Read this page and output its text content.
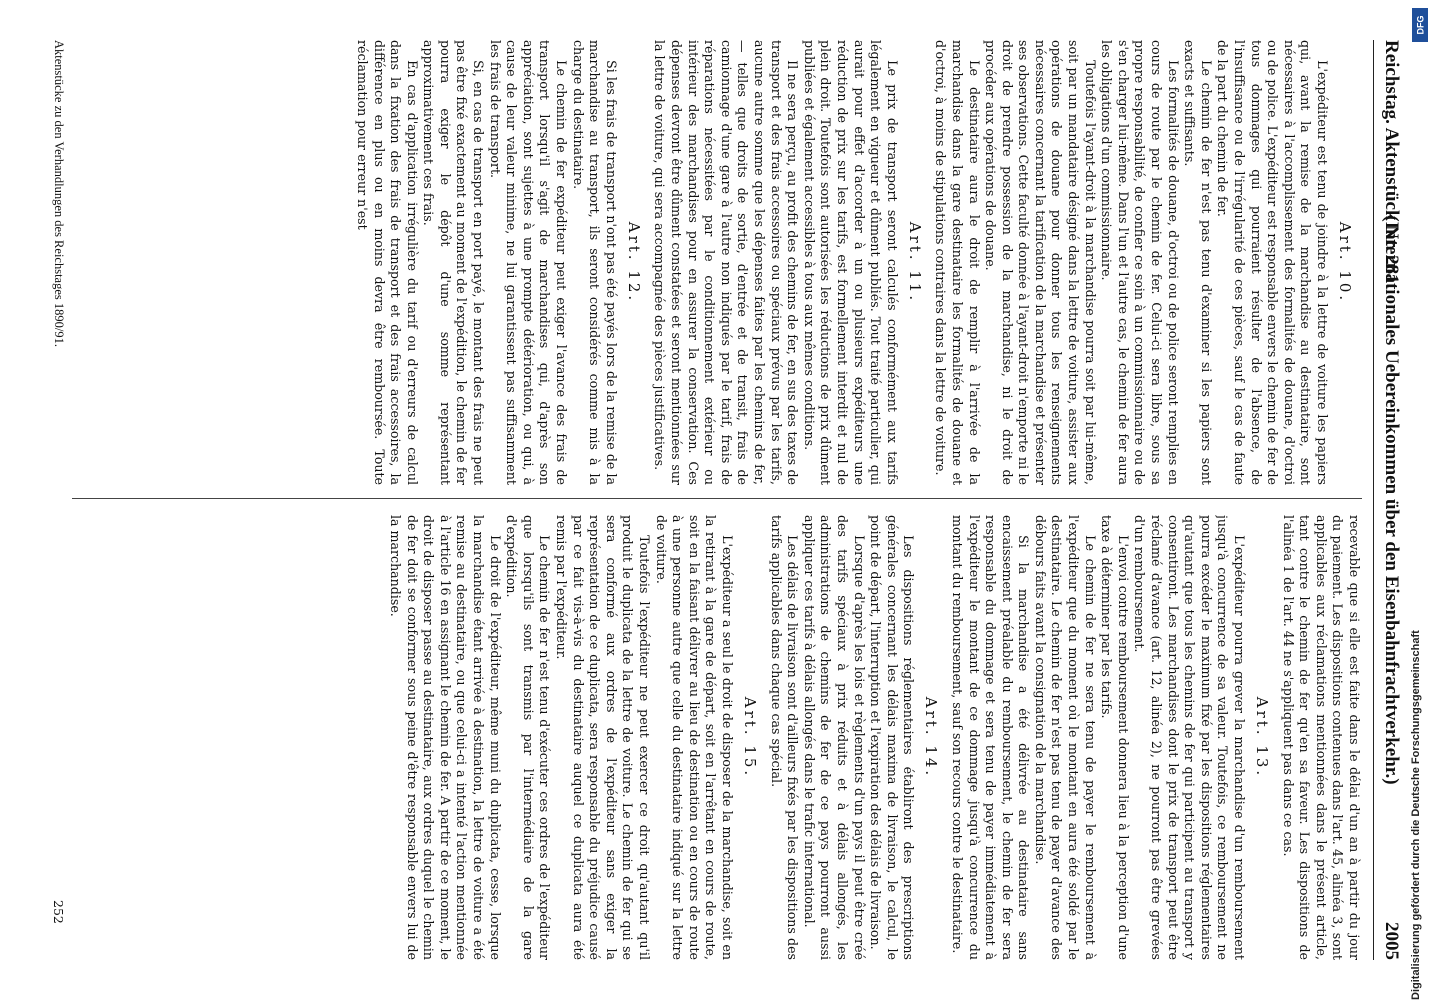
Reichstag. Aktenstück Nr. 281.
(Internationales Uebereinkommen über den Eisenbahnfrachtverkehr.)
2005
Art. 10.

L'expéditeur est tenu de joindre à la lettre de voiture les papiers qui, avant la remise de la marchandise au destinataire, sont nécessaires à l'accomplissement des formalités de douane, d'octroi ou de police. L'expéditeur est responsable envers le chemin de fer de tous dommages qui pourraient résulter de l'absence, de l'insuffisance ou de l'irrégularité de ces pièces, sauf le cas de faute de la part du chemin de fer.

Le chemin de fer n'est pas tenu d'examiner si les papiers sont exacts et suffisants.

Les formalités de douane, d'octroi ou de police seront remplies en cours de route par le chemin de fer. Celui-ci sera libre, sous sa propre responsabilité, de confier ce soin à un commissionnaire ou de s'en charger lui-même. Dans l'un et l'autre cas, le chemin de fer aura les obligations d'un commissionnaire.

Toutefois l'ayant-droit à la marchandise pourra soit par lui-même, soit par un mandataire désigné dans la lettre de voiture, assister aux opérations de douane pour donner tous les renseignements nécessaires concernant la tarification de la marchandise et présenter ses observations. Cette faculté donnée à l'ayant-droit n'emporte ni le droit de prendre possession de la marchandise, ni le droit de procéder aux opérations de douane.

Le destinataire aura le droit de remplir à l'arrivée de la marchandise dans la gare destinataire les formalités de douane et d'octroi, à moins de stipulations contraires dans la lettre de voiture.

Art. 11.

Le prix de transport seront calculés conformément aux tarifs légalement en vigueur et dûment publiés. Tout traité particulier, qui aurait pour effet d'accorder à un ou plusieurs expéditeurs une réduction de prix sur les tarifs, est formellement interdit et nul de plein droit. Toutefois sont autorisées les réductions de prix dûment publiées et également accessibles à tous aux mêmes conditions.

Il ne sera perçu, au profit des chemins de fer, en sus des taxes de transport et des frais accessoires ou spéciaux prévus par les tarifs, aucune autre somme que les dépenses faites par les chemins de fer, — telles que droits de sortie, d'entrée et de transit, frais de camionnage d'une gare à l'autre non indiqués par le tarif, frais de réparations nécessitées par le conditionnement extérieur ou intérieur des marchandises pour en assurer la conservation. Ces dépenses devront être dûment constatées et seront mentionnées sur la lettre de voiture, qui sera accompagnée des pièces justificatives.

Art. 12.

Si les frais de transport n'ont pas été payés lors de la remise de la marchandise au transport, ils seront considérés comme mis à la charge du destinataire.

Le chemin de fer expéditeur peut exiger l'avance des frais de transport lorsqu'il s'agit de marchandises qui, d'après son appréciation, sont sujettes à une prompte détérioration, ou qui, à cause de leur valeur minime, ne lui garantissent pas suffisamment les frais de transport.

Si, en cas de transport en port payé, le montant des frais ne peut pas être fixé exactement au moment de l'expédition, le chemin de fer pourra exiger le dépôt d'une somme représentant approximativement ces frais.

En cas d'application irrégulière du tarif ou d'erreurs de calcul dans la fixation des frais de transport et des frais accessoires, la différence en plus ou en moins devra être remboursée. Toute réclamation pour erreur n'est

recevable que si elle est faite dans le délai d'un an à partir du jour du paiement. Les dispositions contenues dans l'art. 45, alinéa 3, sont applicables aux réclamations mentionnées dans le présent article, tant contre le chemin de fer qu'en sa faveur. Les dispositions de l'alinéa 1 de l'art. 44 ne s'appliquent pas dans ce cas.

Art. 13.

L'expéditeur pourra grever la marchandise d'un remboursement jusqu'à concurrence de sa valeur. Toutefois, ce remboursement ne pourra excéder le maximum fixé par les dispositions réglementaires qu'autant que tous les chemins de fer qui participent au transport y consentiront. Les marchandises dont le prix de transport peut être réclamé d'avance (art. 12, alinéa 2), ne pourront pas être grevées d'un remboursement.

L'envoi contre remboursement donnera lieu à la perception d'une taxe à déterminer par les tarifs.

Le chemin de fer ne sera tenu de payer le remboursement à l'expéditeur que du moment où le montant en aura été soldé par le destinataire. Le chemin de fer n'est pas tenu de payer d'avance des débours faits avant la consignation de la marchandise.

Si la marchandise a été délivrée au destinataire sans encaissement préalable du remboursement, le chemin de fer sera responsable du dommage et sera tenu de payer immédiatement à l'expéditeur le montant de ce dommage jusqu'à concurrence du montant du remboursement, sauf son recours contre le destinataire.

Art. 14.

Les dispositions réglementaires établiront des prescriptions générales concernant les délais maxima de livraison, le calcul, le point de départ, l'interruption et l'expiration des délais de livraison.

Lorsque d'après les lois et règlements d'un pays il peut être créé des tarifs spéciaux à prix réduits et à délais allongés, les administrations de chemins de fer de ce pays pourront aussi appliquer ces tarifs à délais allongés dans le trafic international.

Les délais de livraison sont d'ailleurs fixés par les dispositions des tarifs applicables dans chaque cas spécial.

Art. 15.

L'expéditeur a seul le droit de disposer de la marchandise, soit en la retirant à la gare de départ, soit en l'arrêtant en cours de route, soit en la faisant délivrer au lieu de destination ou en cours de route à une personne autre que celle du destinataire indiqué sur la lettre de voiture.

Toutefois l'expéditeur ne peut exercer ce droit qu'autant qu'il produit le duplicata de la lettre de voiture. Le chemin de fer qui se sera conformé aux ordres de l'expéditeur sans exiger la représentation de ce duplicata, sera responsable du préjudice causé par ce fait vis-à-vis du destinataire auquel ce duplicata aura été remis par l'expéditeur.

Le chemin de fer n'est tenu d'exécuter ces ordres de l'expéditeur que lorsqu'ils sont transmis par l'intermédiaire de la gare d'expédition.

Le droit de l'expéditeur, même muni du duplicata, cesse, lorsque la marchandise étant arrivée à destination, la lettre de voiture a été remise au destinataire, ou que celui-ci a intenté l'action mentionnée à l'article 16 en assignant le chemin de fer. A partir de ce moment, le droit de disposer passe au destinataire, aux ordres duquel le chemin de fer doit se conformer sous peine d'être responsable envers lui de la marchandise.

Aktenstücke zu den Verhandlungen des Reichstages 1890/91.
252	Digitalisierung gefördert durch die Deutsche Forschungsgemeinschaft
DFG
